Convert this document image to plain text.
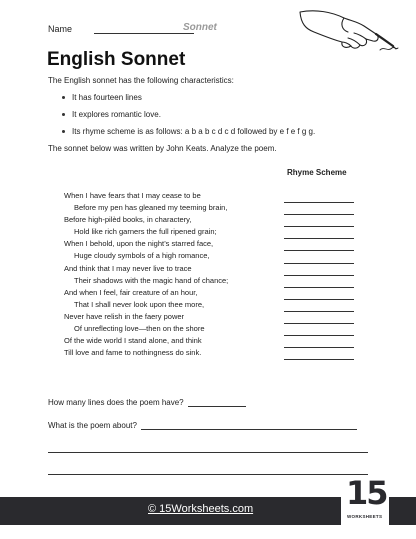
Name	Sonnet
English Sonnet

The English sonnet has the following characteristics:

It has fourteen lines
It explores romantic love.
Its rhyme scheme is as follows: a b a b c d c d followed by e f e f g g.

The sonnet below was written by John Keats. Analyze the poem.

Rhyme Scheme
When I have fears that I may cease to be
Before my pen has gleaned my teeming brain,
Before high-pilèd books, in charactery,
Hold like rich garners the full ripened grain;
When I behold, upon the night’s starred face,
Huge cloudy symbols of a high romance,
And think that I may never live to trace
Their shadows with the magic hand of chance;
And when I feel, fair creature of an hour,
That I shall never look upon thee more,
Never have relish in the faery power
Of unreflecting love—then on the shore
Of the wide world I stand alone, and think
Till love and fame to nothingness do sink.
How many lines does the poem have?
What is the poem about?
© 15Worksheets.com	15
WORKSHEETS
